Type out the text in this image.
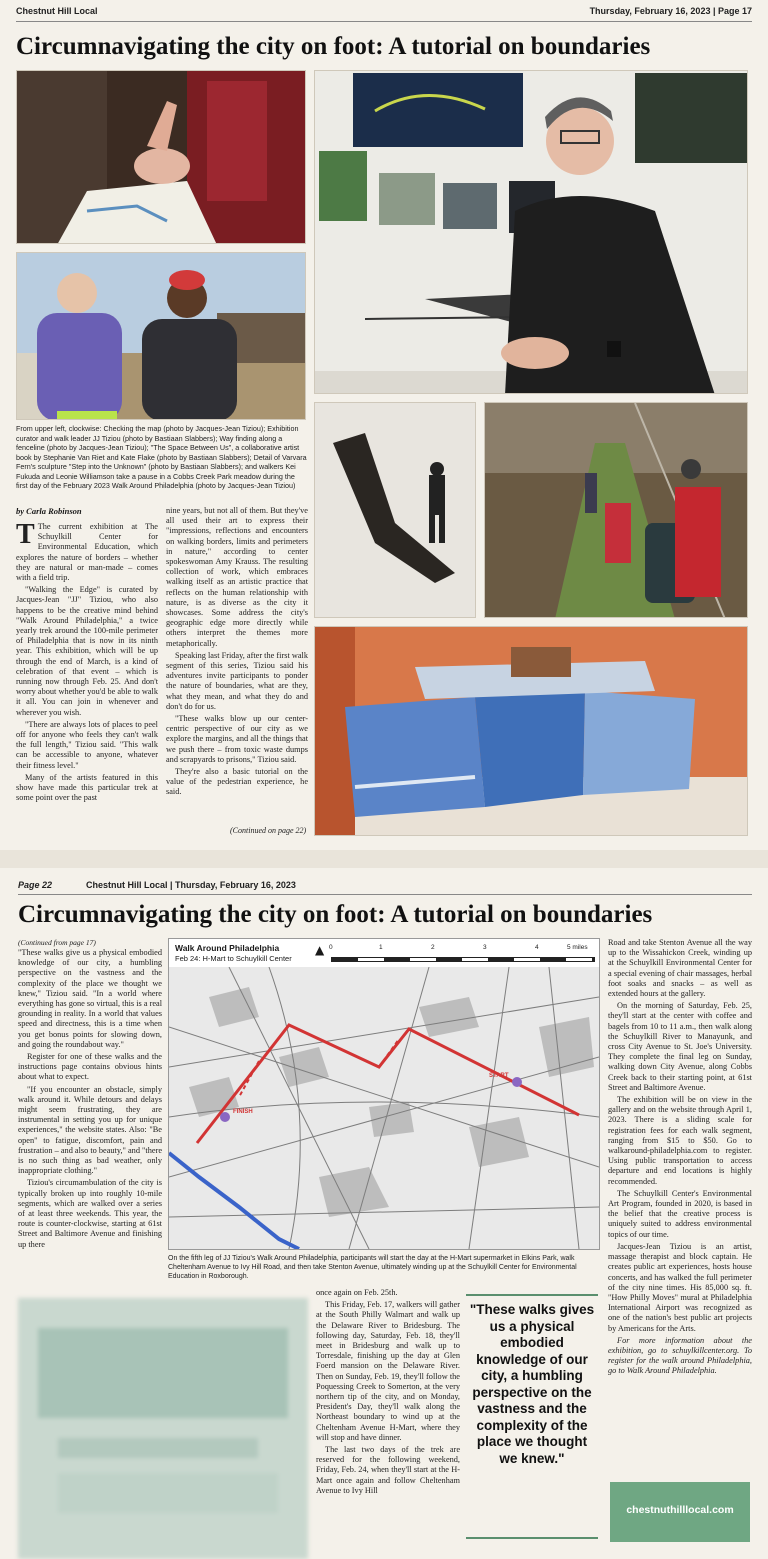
Chestnut Hill Local	Thursday, February 16, 2023 | Page 17
Circumnavigating the city on foot: A tutorial on boundaries
From upper left, clockwise: Checking the map (photo by Jacques-Jean Tiziou); Exhibition curator and walk leader JJ Tiziou (photo by Bastiaan Slabbers); Way finding along a fenceline (photo by Jacques-Jean Tiziou); "The Space Between Us", a collaborative artist book by Stephanie Van Riet and Kate Flake (photo by Bastiaan Slabbers); Detail of Varvara Fern's sculpture "Step into the Unknown" (photo by Bastiaan Slabbers); and walkers Kei Fukuda and Leonie Williamson take a pause in a Cobbs Creek Park meadow during the first day of the February 2023 Walk Around Philadelphia (photo by Jacques-Jean Tiziou)
by Carla Robinson

T The current exhibition at The Schuylkill Center for Environmental Education, which explores the nature of borders – whether they are natural or man-made – comes with a field trip.

"Walking the Edge" is curated by Jacques-Jean "JJ" Tiziou, who also happens to be the creative mind behind "Walk Around Philadelphia," a twice yearly trek around the 100-mile perimeter of Philadelphia that is now in its ninth year. This exhibition, which will be up through the end of March, is a kind of celebration of that event – which is running now through Feb. 25. And don't worry about whether you'd be able to walk it all. You can join in whenever and wherever you wish.

"There are always lots of places to peel off for anyone who feels they can't walk the full length," Tiziou said. "This walk can be accessible to anyone, whatever their fitness level."

Many of the artists featured in this show have made this particular trek at some point over the past

nine years, but not all of them. But they've all used their art to express their "impressions, reflections and encounters on walking borders, limits and perimeters in nature," according to center spokeswoman Amy Krauss. The resulting collection of work, which embraces walking itself as an artistic practice that reflects on the human relationship with nature, is as diverse as the city it showcases. Some address the city's geographic edge more directly while others interpret the themes more metaphorically.

Speaking last Friday, after the first walk segment of this series, Tiziou said his adventures invite participants to ponder the nature of boundaries, what are they, what they mean, and what they do and don't do for us.

"These walks blow up our center-centric perspective of our city as we explore the margins, and all the things that we push there – from toxic waste dumps and scrapyards to prisons," Tiziou said.

They're also a basic tutorial on the value of the pedestrian experience, he said.

(Continued on page 22)
Page 22	Chestnut Hill Local | Thursday, February 16, 2023
Circumnavigating the city on foot: A tutorial on boundaries
(Continued from page 17)

"These walks give us a physical embodied knowledge of our city, a humbling perspective on the vastness and the complexity of the place we thought we knew," Tiziou said. "In a world where everything has gone so virtual, this is a real grounding in reality. In a world that values speed and directness, this is a time when you get bonus points for slowing down, and going the roundabout way."

Register for one of these walks and the instructions page contains obvious hints about what to expect.

"If you encounter an obstacle, simply walk around it. While detours and delays might seem frustrating, they are instrumental in setting you up for unique experiences," the website states. Also: "Be open" to fatigue, discomfort, pain and frustration – and also to beauty," and "there is no such thing as bad weather, only inappropriate clothing."

Tiziou's circumambulation of the city is typically broken up into roughly 10-mile segments, which are walked over a series of at least three weekends. This year, the route is counter-clockwise, starting at 61st Street and Baltimore Avenue and finishing up there

Walk Around Philadelphia
Feb 24: H-Mart to Schuylkill Center
▲ 0	1	2	3	4	5 miles
START
FINISH
On the fifth leg of JJ Tiziou's Walk Around Philadelphia, participants will start the day at the H-Mart supermarket in Elkins Park, walk Cheltenham Avenue to Ivy Hill Road, and then take Stenton Avenue, ultimately winding up at the Schuylkill Center for Environmental Education in Roxborough.

once again on Feb. 25th.

This Friday, Feb. 17, walkers will gather at the South Philly Walmart and walk up the Delaware River to Bridesburg. The following day, Saturday, Feb. 18, they'll meet in Bridesburg and walk up to Torresdale, finishing up the day at Glen Foerd mansion on the Delaware River. Then on Sunday, Feb. 19, they'll follow the Poquessing Creek to Somerton, at the very northern tip of the city, and on Monday, President's Day, they'll walk along the Northeast boundary to wind up at the Cheltenham Avenue H-Mart, where they will stop and have dinner.

The last two days of the trek are reserved for the following weekend, Friday, Feb. 24, when they'll start at the H-Mart once again and follow Cheltenham Avenue to Ivy Hill

"These walks gives us a physical embodied knowledge of our city, a humbling perspective on the vastness and the complexity of the place we thought we knew."

Road and take Stenton Avenue all the way up to the Wissahickon Creek, winding up at the Schuylkill Environmental Center for a special evening of chair massages, herbal foot soaks and snacks – as well as extended hours at the gallery.

On the morning of Saturday, Feb. 25, they'll start at the center with coffee and bagels from 10 to 11 a.m., then walk along the Schuylkill River to Manayunk, and cross City Avenue to St. Joe's University. They complete the final leg on Sunday, walking down City Avenue, along Cobbs Creek back to their starting point, at 61st Street and Baltimore Avenue.

The exhibition will be on view in the gallery and on the website through April 1, 2023. There is a sliding scale for registration fees for each walk segment, ranging from $15 to $50. Go to walkaround-philadelphia.com to register. Using public transportation to access departure and end locations is highly recommended.

The Schuylkill Center's Environmental Art Program, founded in 2020, is based in the belief that the creative process is uniquely suited to address environmental topics of our time.

Jacques-Jean Tiziou is an artist, massage therapist and block captain. He creates public art experiences, hosts house concerts, and has walked the full perimeter of the city nine times. His 85,000 sq. ft. "How Philly Moves" mural at Philadelphia International Airport was recognized as one of the nation's best public art projects by Americans for the Arts.

For more information about the exhibition, go to schuylkillcenter.org. To register for the walk around Philadelphia, go to Walk Around Philadelphia.

chestnuthilllocal.com
